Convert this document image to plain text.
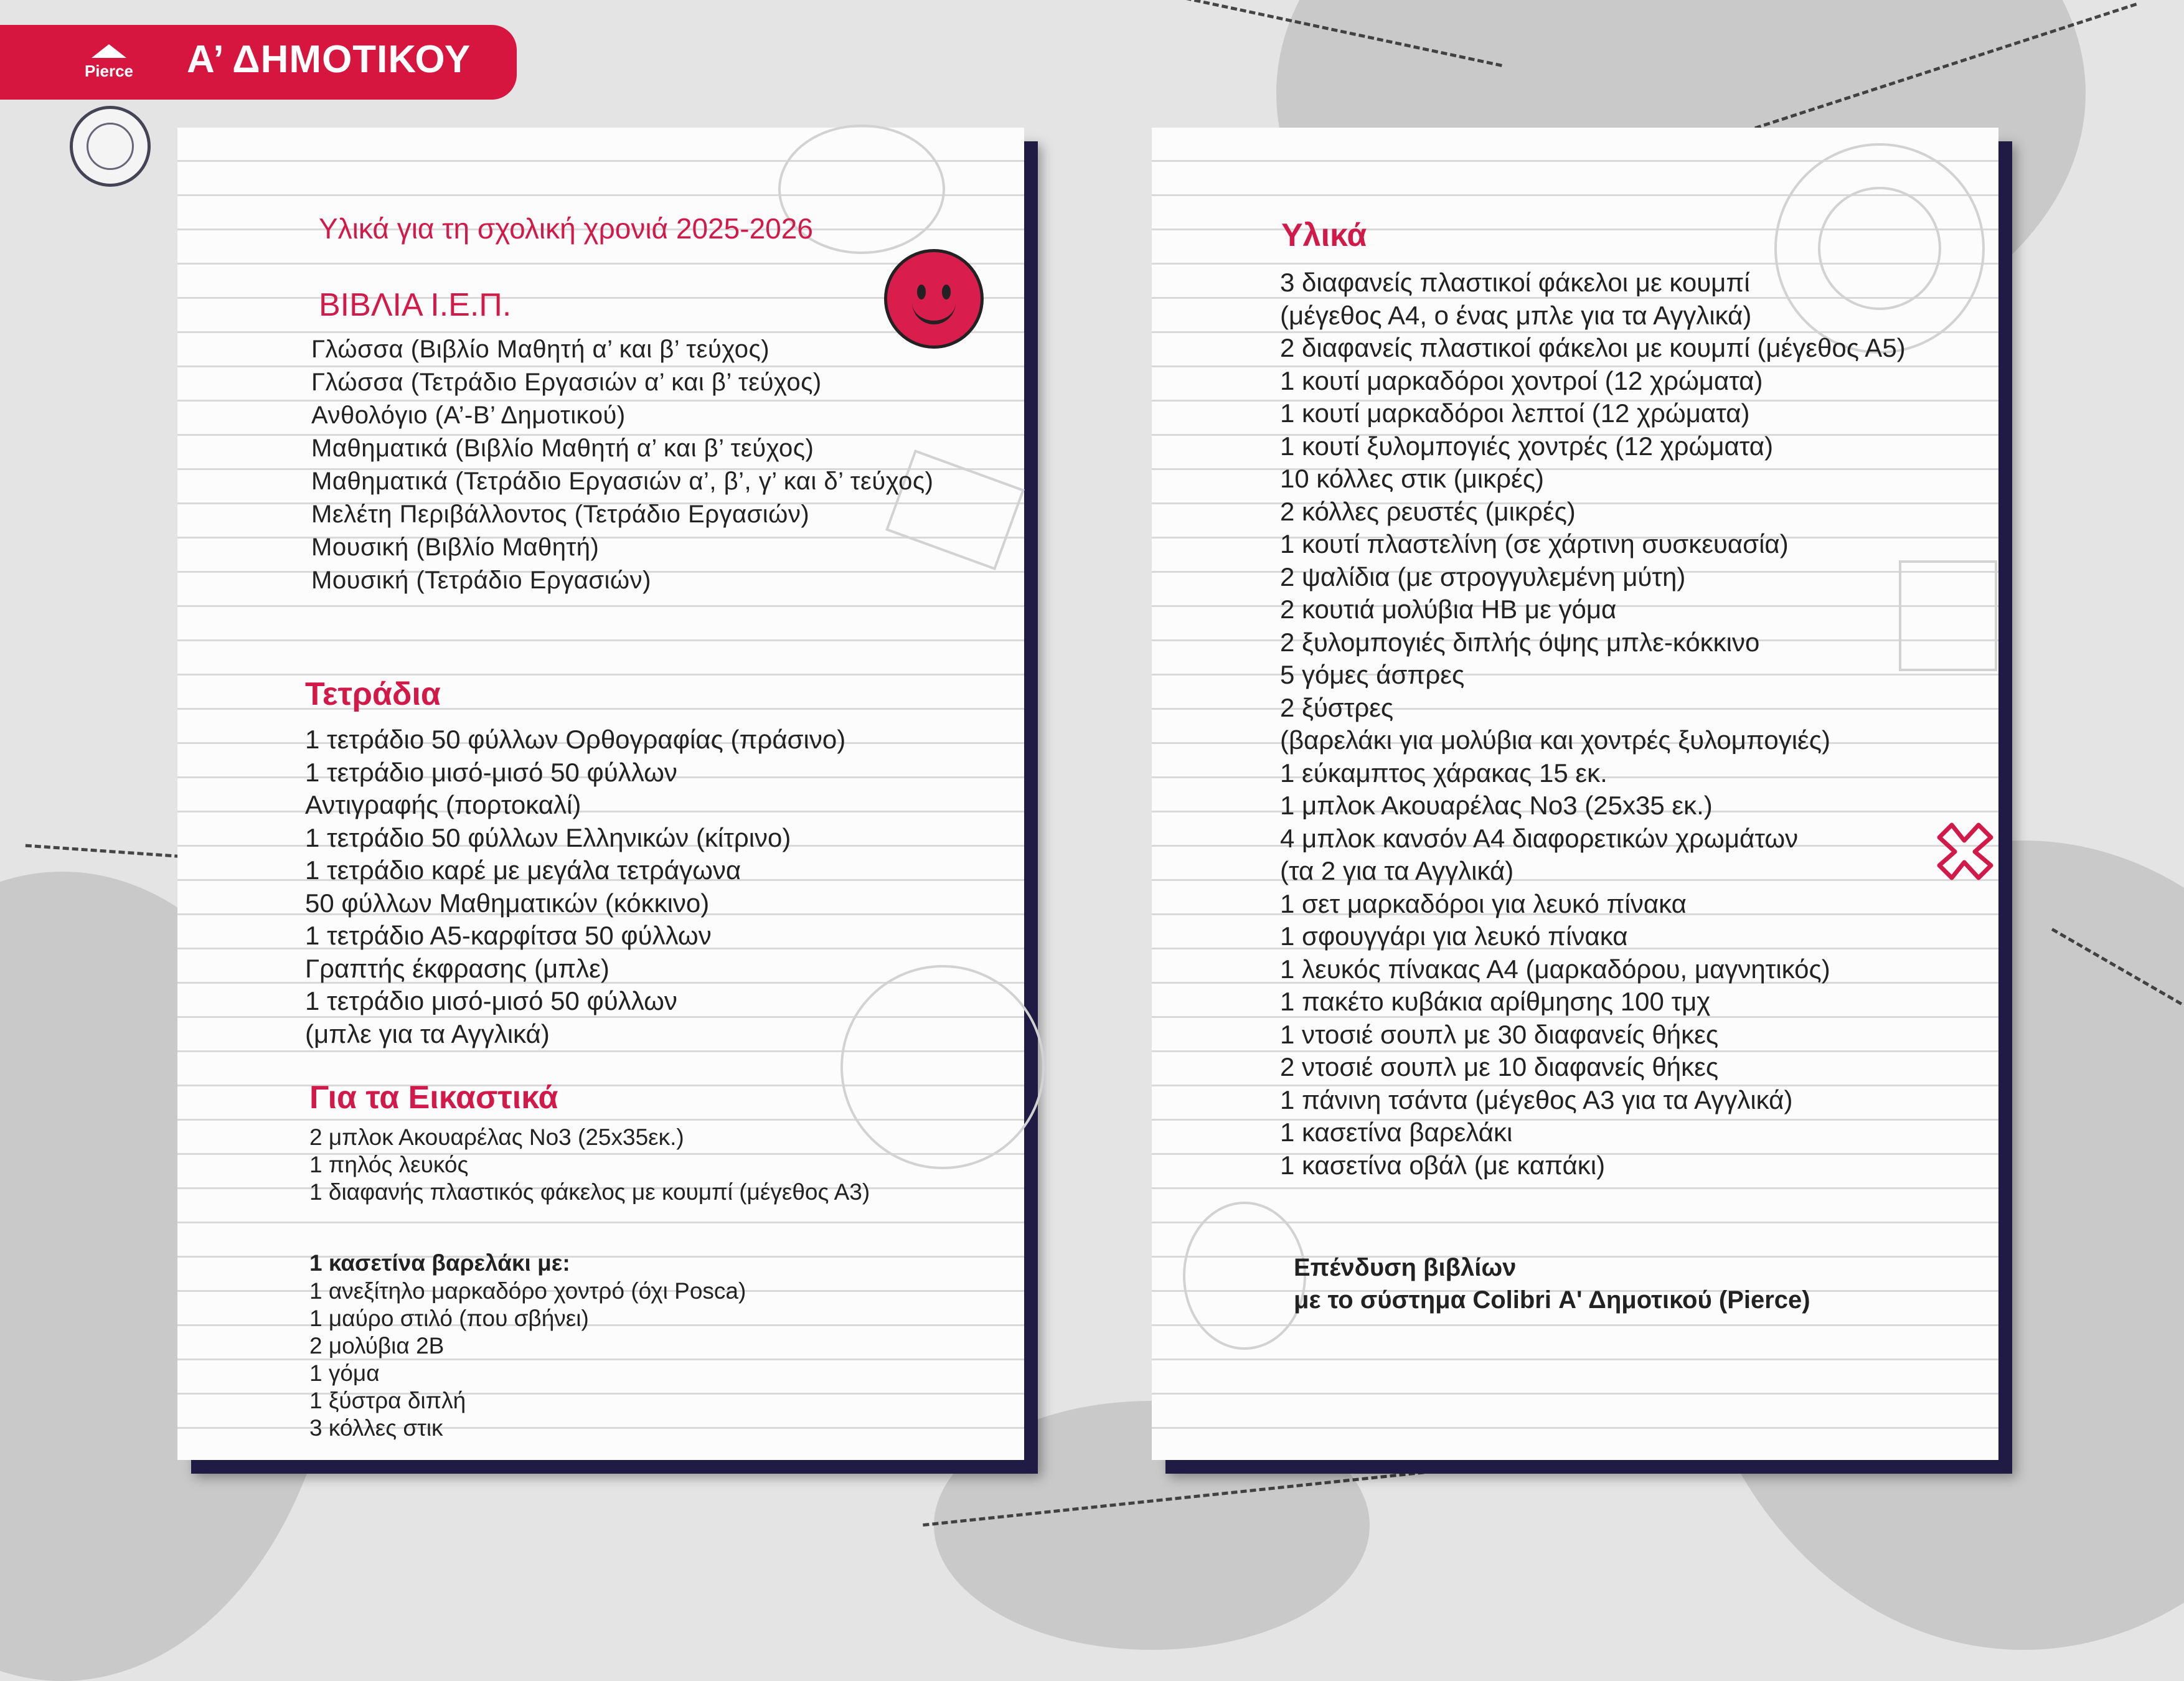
Pierce Α’ ΔΗΜΟΤΙΚΟΥ
Υλικά για τη σχολική χρονιά 2025-2026
ΒΙΒΛΙΑ Ι.Ε.Π.
Γλώσσα (Βιβλίο Μαθητή α’ και β’ τεύχος)
Γλώσσα (Τετράδιο Εργασιών α’ και β’ τεύχος)
Ανθολόγιο (Α’-Β’ Δημοτικού)
Μαθηματικά (Βιβλίο Μαθητή α’ και β’ τεύχος)
Μαθηματικά (Τετράδιο Εργασιών α’, β’, γ’ και δ’ τεύχος)
Μελέτη Περιβάλλοντος (Τετράδιο Εργασιών)
Μουσική (Βιβλίο Μαθητή)
Μουσική (Τετράδιο Εργασιών)
Τετράδια
1 τετράδιο 50 φύλλων Ορθογραφίας (πράσινο)
1 τετράδιο μισό-μισό 50 φύλλων
Αντιγραφής (πορτοκαλί)
1 τετράδιο 50 φύλλων Ελληνικών (κίτρινο)
1 τετράδιο καρέ με μεγάλα τετράγωνα
50 φύλλων Μαθηματικών (κόκκινο)
1 τετράδιο Α5-καρφίτσα 50 φύλλων
Γραπτής έκφρασης (μπλε)
1 τετράδιο μισό-μισό 50 φύλλων
(μπλε για τα Αγγλικά)
Για τα Εικαστικά
2 μπλοκ Ακουαρέλας Νο3 (25x35εκ.)
1 πηλός λευκός
1 διαφανής πλαστικός φάκελος με κουμπί (μέγεθος Α3)
1 κασετίνα βαρελάκι με:
1 ανεξίτηλο μαρκαδόρο χοντρό (όχι Posca)
1 μαύρο στιλό (που σβήνει)
2 μολύβια 2Β
1 γόμα
1 ξύστρα διπλή
3 κόλλες στικ
Υλικά
3 διαφανείς πλαστικοί φάκελοι με κουμπί
(μέγεθος Α4, ο ένας μπλε για τα Αγγλικά)
2 διαφανείς πλαστικοί φάκελοι με κουμπί (μέγεθος Α5)
1 κουτί μαρκαδόροι χοντροί (12 χρώματα)
1 κουτί μαρκαδόροι λεπτοί (12 χρώματα)
1 κουτί ξυλομπογιές χοντρές (12 χρώματα)
10 κόλλες στικ (μικρές)
2 κόλλες ρευστές (μικρές)
1 κουτί πλαστελίνη (σε χάρτινη συσκευασία)
2 ψαλίδια (με στρογγυλεμένη μύτη)
2 κουτιά μολύβια ΗΒ με γόμα
2 ξυλομπογιές διπλής όψης μπλε-κόκκινο
5 γόμες άσπρες
2 ξύστρες
(βαρελάκι για μολύβια και χοντρές ξυλομπογιές)
1 εύκαμπτος χάρακας 15 εκ.
1 μπλοκ Ακουαρέλας Νο3 (25x35 εκ.)
4 μπλοκ κανσόν Α4 διαφορετικών χρωμάτων
(τα 2 για τα Αγγλικά)
1 σετ μαρκαδόροι για λευκό πίνακα
1 σφουγγάρι για λευκό πίνακα
1 λευκός πίνακας Α4 (μαρκαδόρου, μαγνητικός)
1 πακέτο κυβάκια αρίθμησης 100 τμχ
1 ντοσιέ σουπλ με 30 διαφανείς θήκες
2 ντοσιέ σουπλ με 10 διαφανείς θήκες
1 πάνινη τσάντα (μέγεθος Α3 για τα Αγγλικά)
1 κασετίνα βαρελάκι
1 κασετίνα οβάλ (με καπάκι)
Επένδυση βιβλίων
με το σύστημα Colibri Α' Δημοτικού (Pierce)
